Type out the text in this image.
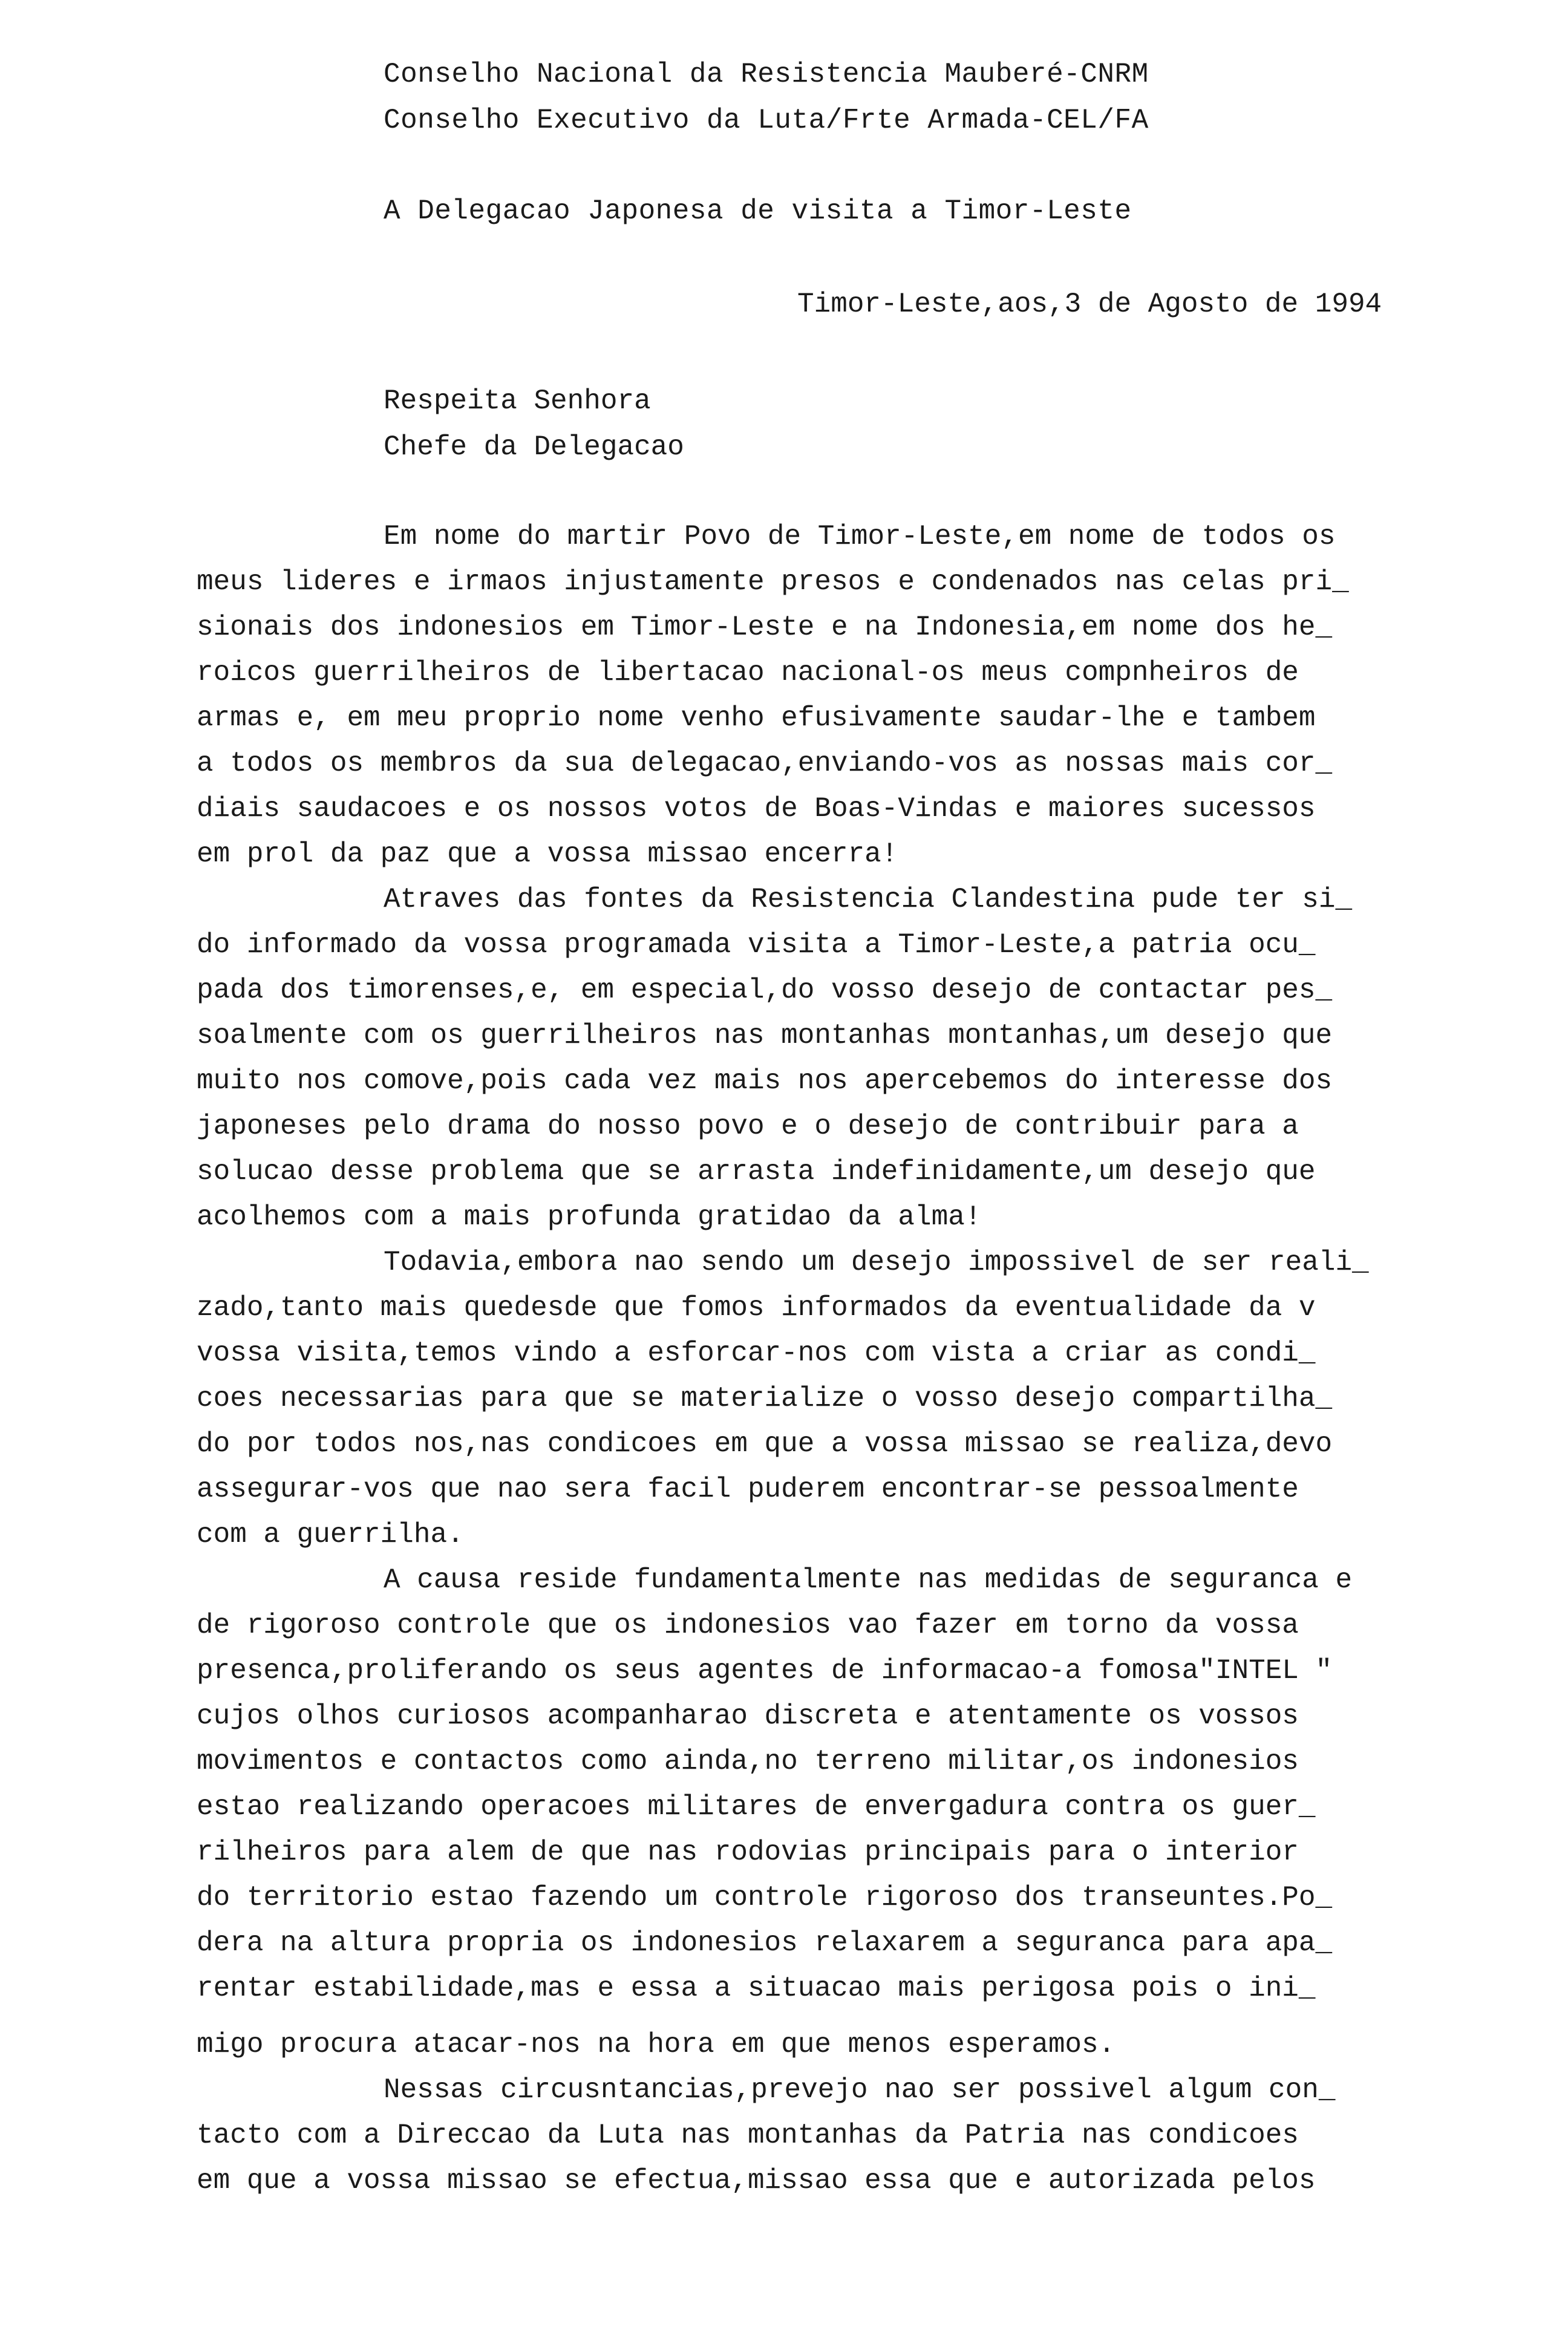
Conselho Nacional da Resistencia Mauberé-CNRM
Conselho Executivo da Luta/Frte Armada-CEL/FA
A Delegacao Japonesa de visita a Timor-Leste
Timor-Leste,aos,3 de Agosto de 1994
Respeita Senhora
Chefe da Delegacao
Em nome do martir Povo de Timor-Leste,em nome de todos os
meus lideres e irmaos injustamente presos e condenados nas celas pri_
sionais dos indonesios em Timor-Leste e na Indonesia,em nome dos he_
roicos guerrilheiros de libertacao nacional-os meus compnheiros de
armas e, em meu proprio nome venho efusivamente saudar-lhe e tambem
a todos os membros da sua delegacao,enviando-vos as nossas mais cor_
diais saudacoes e os nossos votos de Boas-Vindas e maiores sucessos
em prol da paz que a vossa missao encerra!
Atraves das fontes da Resistencia Clandestina pude ter si_
do informado da vossa programada visita a Timor-Leste,a patria ocu_
pada dos timorenses,e, em especial,do vosso desejo de contactar pes_
soalmente com os guerrilheiros nas montanhas montanhas,um desejo que
muito nos comove,pois cada vez mais nos apercebemos do interesse dos
japoneses pelo drama do nosso povo e o desejo de contribuir para a
solucao desse problema que se arrasta indefinidamente,um desejo que
acolhemos com a mais profunda gratidao da alma!
Todavia,embora nao sendo um desejo impossivel de ser reali_
zado,tanto mais quedesde que fomos informados da eventualidade da v
vossa visita,temos vindo a esforcar-nos com vista a criar as condi_
coes necessarias para que se materialize o vosso desejo compartilha_
do por todos nos,nas condicoes em que a vossa missao se realiza,devo
assegurar-vos que nao sera facil puderem encontrar-se pessoalmente
com a guerrilha.
A causa reside fundamentalmente nas medidas de seguranca e
de rigoroso controle que os indonesios vao fazer em torno da vossa
presenca,proliferando os seus agentes de informacao-a fomosa"INTEL "
cujos olhos curiosos acompanharao discreta e atentamente os vossos
movimentos e contactos como ainda,no terreno militar,os indonesios
estao realizando operacoes militares de envergadura contra os guer_
rilheiros para alem de que nas rodovias principais para o interior
do territorio estao fazendo um controle rigoroso dos transeuntes.Po_
dera na altura propria os indonesios relaxarem a seguranca para apa_
rentar estabilidade,mas e essa a situacao mais perigosa pois o ini_
migo procura atacar-nos na hora em que menos esperamos.
Nessas circusntancias,prevejo nao ser possivel algum con_
tacto com a Direccao da Luta nas montanhas da Patria nas condicoes
em que a vossa missao se efectua,missao essa que e autorizada pelos
